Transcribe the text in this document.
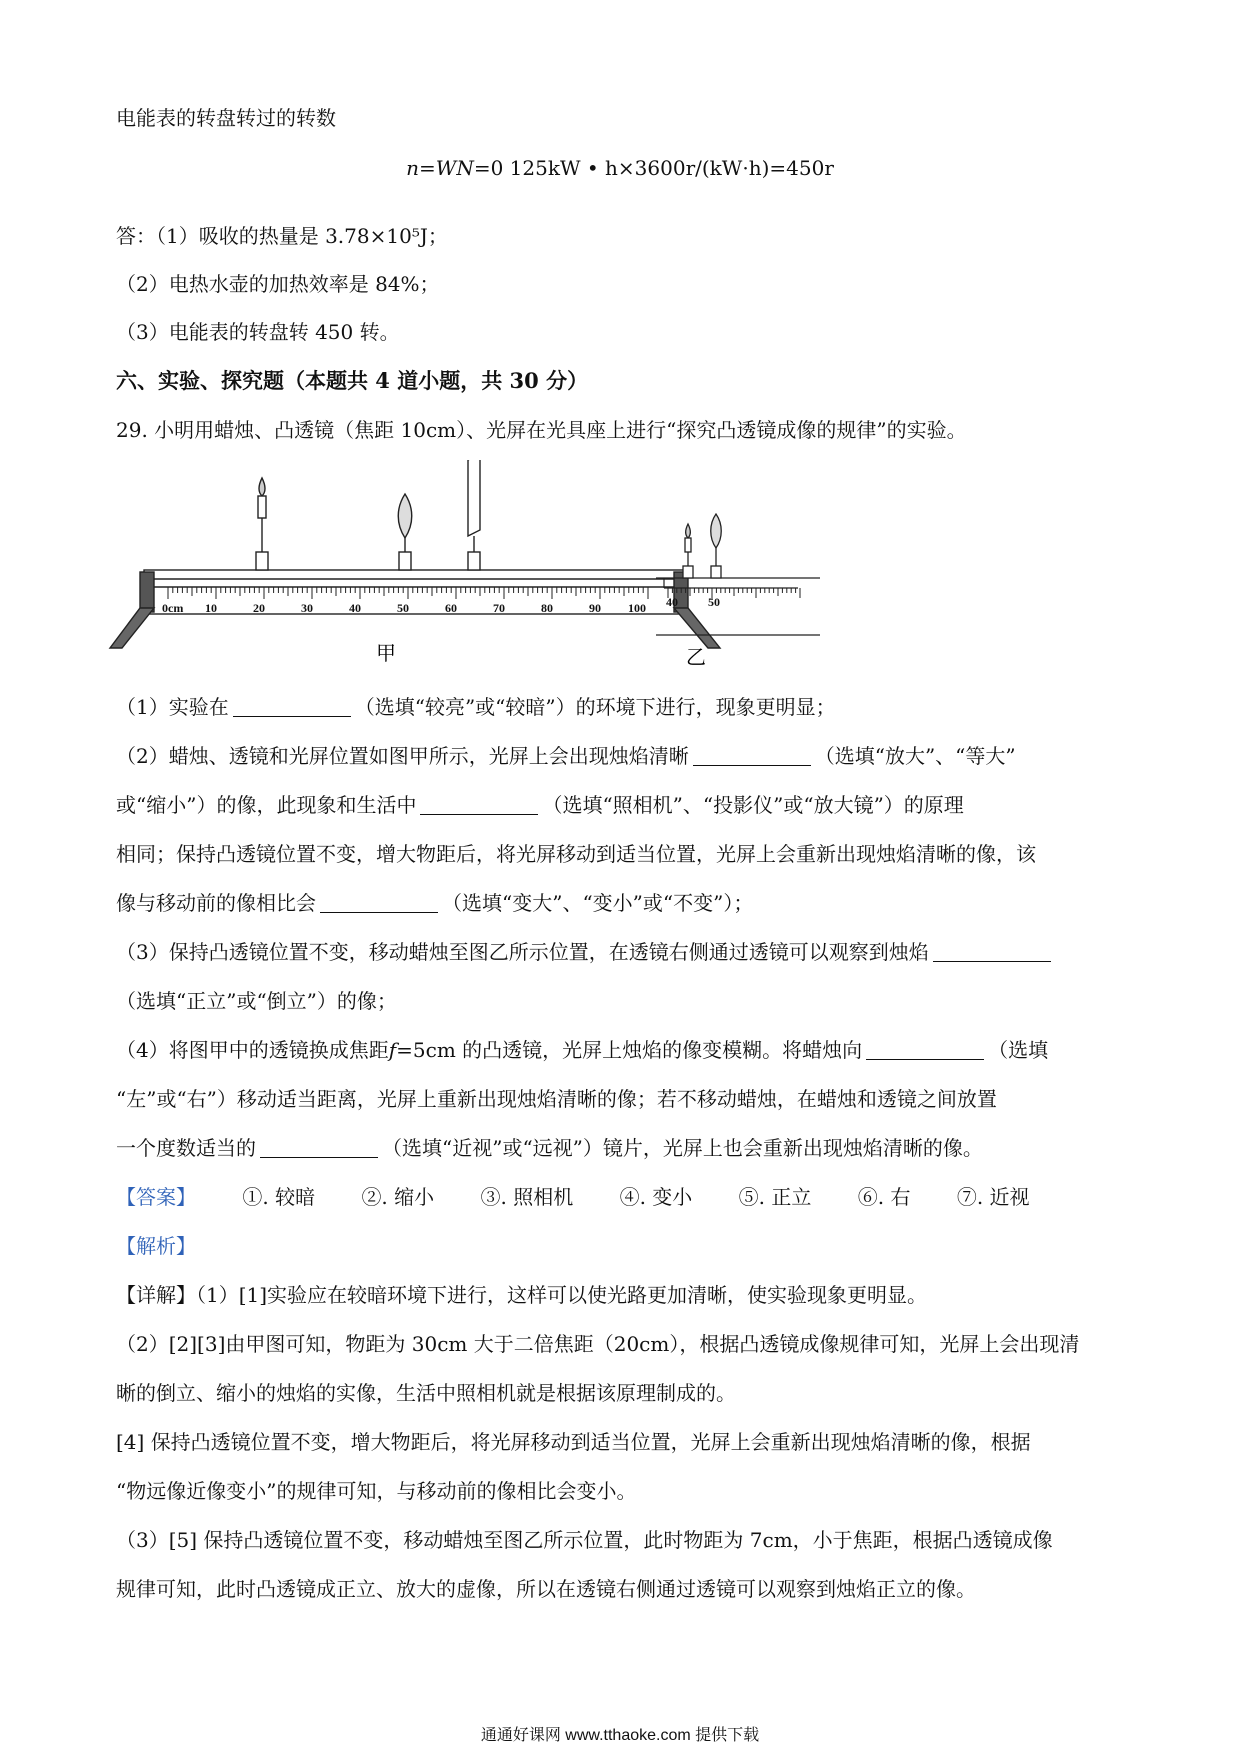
电能表的转盘转过的转数
n=WN=0 125kW • h×3600r/(kW·h)=450r
答：（1）吸收的热量是 3.78×10⁵J；
（2）电热水壶的加热效率是 84%；
（3）电能表的转盘转 450 转。
六、实验、探究题（本题共 4 道小题，共 30 分）
29. 小明用蜡烛、凸透镜（焦距 10cm）、光屏在光具座上进行“探究凸透镜成像的规律”的实验。
0cm 10	20	30	40	50	60	70	80	90 100
甲
40	50
乙
（1）实验在	（选填“较亮”或“较暗”）的环境下进行，现象更明显；
（2）蜡烛、透镜和光屏位置如图甲所示，光屏上会出现烛焰清晰	（选填“放大”、“等大”
或“缩小”）的像，此现象和生活中	（选填“照相机”、“投影仪”或“放大镜”）的原理
相同；保持凸透镜位置不变，增大物距后，将光屏移动到适当位置，光屏上会重新出现烛焰清晰的像，该
像与移动前的像相比会	（选填“变大”、“变小”或“不变”）；
（3）保持凸透镜位置不变，移动蜡烛至图乙所示位置，在透镜右侧通过透镜可以观察到烛焰
（选填“正立”或“倒立”）的像；
（4）将图甲中的透镜换成焦距f=5cm 的凸透镜，光屏上烛焰的像变模糊。将蜡烛向	（选填
“左”或“右”）移动适当距离，光屏上重新出现烛焰清晰的像；若不移动蜡烛，在蜡烛和透镜之间放置
一个度数适当的	（选填“近视”或“远视”）镜片，光屏上也会重新出现烛焰清晰的像。
【答案】 ①. 较暗 ②. 缩小 ③. 照相机 ④. 变小 ⑤. 正立 ⑥. 右 ⑦. 近视
【解析】
【详解】（1）[1]实验应在较暗环境下进行，这样可以使光路更加清晰，使实验现象更明显。
（2）[2][3]由甲图可知，物距为 30cm 大于二倍焦距（20cm），根据凸透镜成像规律可知，光屏上会出现清
晰的倒立、缩小的烛焰的实像，生活中照相机就是根据该原理制成的。
[4] 保持凸透镜位置不变，增大物距后，将光屏移动到适当位置，光屏上会重新出现烛焰清晰的像，根据
“物远像近像变小”的规律可知，与移动前的像相比会变小。
（3）[5] 保持凸透镜位置不变，移动蜡烛至图乙所示位置，此时物距为 7cm，小于焦距，根据凸透镜成像
规律可知，此时凸透镜成正立、放大的虚像，所以在透镜右侧通过透镜可以观察到烛焰正立的像。
通通好课网 www.tthaoke.com 提供下载
